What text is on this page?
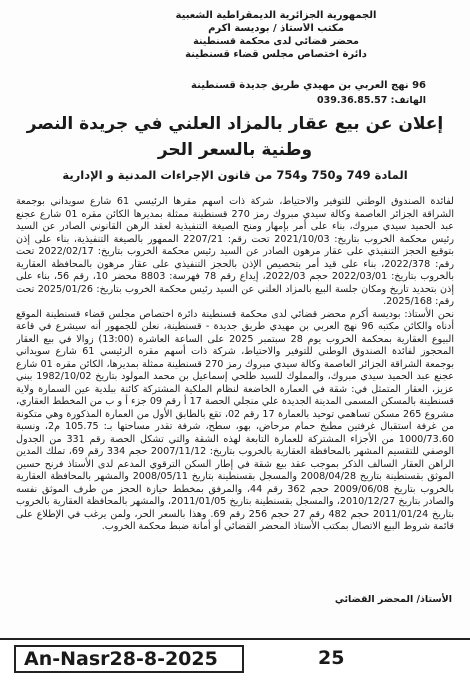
الجمهورية الجزائرية الديمقراطية الشعبية
مكتب الأستاذ / بوديسة أكرم
محضر قضائي لدى محكمة قسنطينة
دائرة اختصاص مجلس قضاء قسنطينة
96 نهج العربي بن مهيدي طريق جديدة قسنطينة
الهاتف: 039.36.85.57
إعلان عن بيع عقار بالمزاد العلني في جريدة النصر
وطنية بالسعر الحر
المادة 749 و750 و754 من قانون الإجراءات المدنية و الإدارية

لفائدة الصندوق الوطني للتوفير والاحتياط، شركة ذات أسهم مقرها الرئيسي 61 شارع سويداني بوجمعة الشراقة الجزائر العاصمة وكالة سيدي مبروك رمز 270 قسنطينة ممثلة بمديرها الكائن مقره 01 شارع عجنع عبد الحميد سيدي مبروك، بناء على أمر بإمهار ومنح الصيغة التنفيذية لعقد الرهن القانوني الصادر عن السيد رئيس محكمة الخروب بتاريخ: 2021/10/03 تحت رقم: 2207/21 الممهور بالصيغة التنفيذية، بناء على إذن بتوقيع الحجز التنفيذي على عقار مرهون الصادر عن السيد رئيس محكمة الخروب بتاريخ: 2022/02/17 تحت رقم: 2022/378، بناء على قيد أمر بتحصيص الإذن بالحجز التنفيذي على عقار مرهون بالمحافظة العقارية بالخروب بتاريخ: 2022/03/01 حجم 2022/03، إيداع رقم 78 فهرسة: 8803 محضر 10، رقم 56، بناء على إذن بتحديد تاريخ ومكان جلسة البيع بالمزاد العلني عن السيد رئيس محكمة الخروب بتاريخ: 2025/01/26 تحت رقم: 2025/168.

نحن الأستاذ: بوديسة أكرم محضر قضائي لدى محكمة قسنطينة دائرة اختصاص مجلس قضاء قسنطينة الموقع أدناه والكائن مكتبه 96 نهج العربي بن مهيدي طريق جديدة - قسنطينة، نعلن للجمهور أنه سيشرع في قاعة البيوع العقارية بمحكمة الخروب يوم 28 سبتمبر 2025 على الساعة العاشرة (13:00) زوالا في بيع العقار المحجوز لفائدة الصندوق الوطني للتوفير والاحتياط، شركة ذات أسهم مقره الرئيسي 61 شارع سويداني بوجمعة الشراقة الجزائر العاصمة وكالة سيدي مبروك رمز 270 قسنطينة ممثلة بمديرها، الكائن مقره 01 شارع عجنع عبد الحميد سيدي مبروك، والمملوك للسيد طلحي إسماعيل بن محمد المولود بتاريخ 1982/10/02 ببني عزيز، العقار المتمثل في: شقة في العمارة الخاضعة لنظام الملكية المشتركة كائنة ببلدية عين السمارة ولاية قسنطينة بالمسكن المسمى المدينة الجديدة علي منجلي الحصة 17 أ رقم 09 جزء أ و ب من المخطط العقاري، مشروع 265 مسكن تساهمي توحيد بالعمارة 17 رقم 02، تقع بالطابق الأول من العمارة المذكورة وهي متكونة من غرفة استقبال غرفتين مطبخ حمام مرحاض، بهو، سطح، شرفة تقدر مساحتها بـ: 105.75 م2، ونسبة 1000/73.60 من الأجزاء المشتركة للعمارة التابعة لهذه الشقة والتي تشكل الحصة رقم 331 من الجدول الوصفي للتقسيم المشهر بالمحافظة العقارية بالخروب بتاريخ: 2007/11/12 حجم 334 رقم 69، تملك المدين الراهن العقار السالف الذكر بموجب عقد بيع شقة في إطار السكن الترقوي المدعم لدى الأستاذ فرنح حسين الموثق بقسنطينة بتاريخ 2008/04/28 والمسجل بقسنطينة بتاريخ 2008/05/11 والمشهر بالمحافظة العقارية بالخروب بتاريخ 2009/06/08 حجم 362 رقم 44، والمرفق بمخطط حيازة الحجز من طرف الموثق نفسه والصادر بتاريخ 2010/12/27، والمسجل بقسنطينة بتاريخ 2011/01/05، والمشهر بالمحافظة العقارية بالخروب بتاريخ 2011/01/24 حجم 482 رقم 27 حجم 256 رقم 69. وهذا بالسعر الحر، ولمن يرغب في الإطلاع على قائمة شروط البيع الاتصال بمكتب الأستاذ المحضر القضائي أو أمانة ضبط محكمة الخروب.

الأستاذ/ المحضر القضائي
An-Nasr28-8-2025	25
